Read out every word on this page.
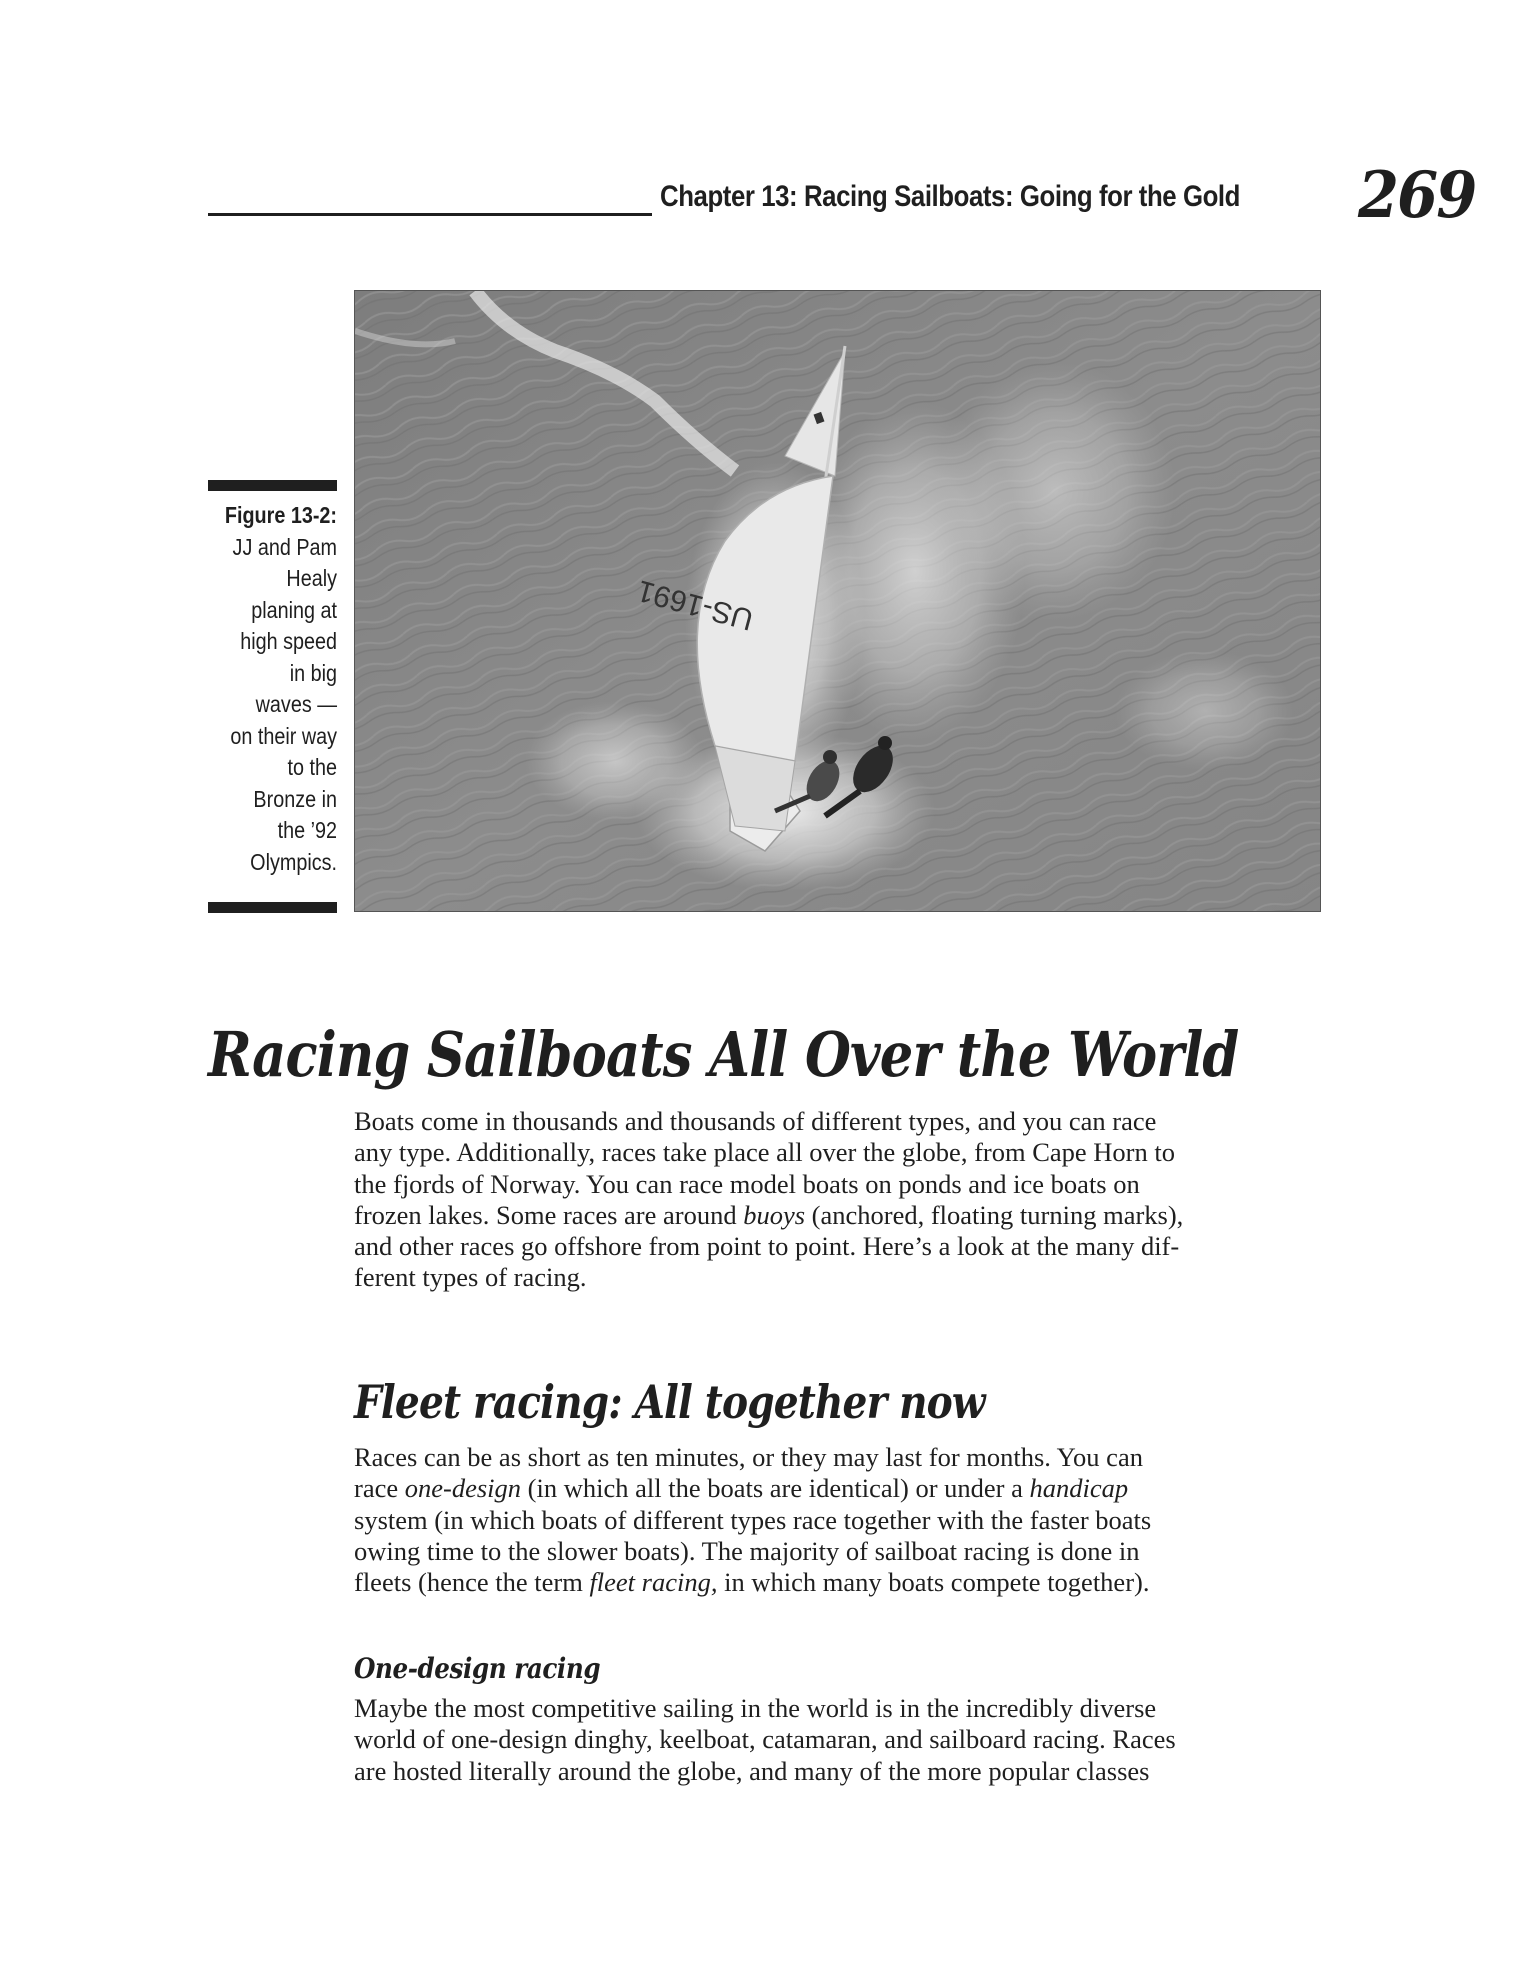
Chapter 13: Racing Sailboats: Going for the Gold 269
Figure 13-2:
JJ and Pam
Healy
planing at
high speed
in big
waves —
on their way
to the
Bronze in
the ’92
Olympics.
US-1691
Racing Sailboats All Over the World
Boats come in thousands and thousands of different types, and you can race
any type. Additionally, races take place all over the globe, from Cape Horn to
the fjords of Norway. You can race model boats on ponds and ice boats on
frozen lakes. Some races are around buoys (anchored, floating turning marks),
and other races go offshore from point to point. Here’s a look at the many dif-
ferent types of racing.
Fleet racing: All together now
Races can be as short as ten minutes, or they may last for months. You can
race one-design (in which all the boats are identical) or under a handicap
system (in which boats of different types race together with the faster boats
owing time to the slower boats). The majority of sailboat racing is done in
fleets (hence the term fleet racing, in which many boats compete together).
One-design racing
Maybe the most competitive sailing in the world is in the incredibly diverse
world of one-design dinghy, keelboat, catamaran, and sailboard racing. Races
are hosted literally around the globe, and many of the more popular classes
